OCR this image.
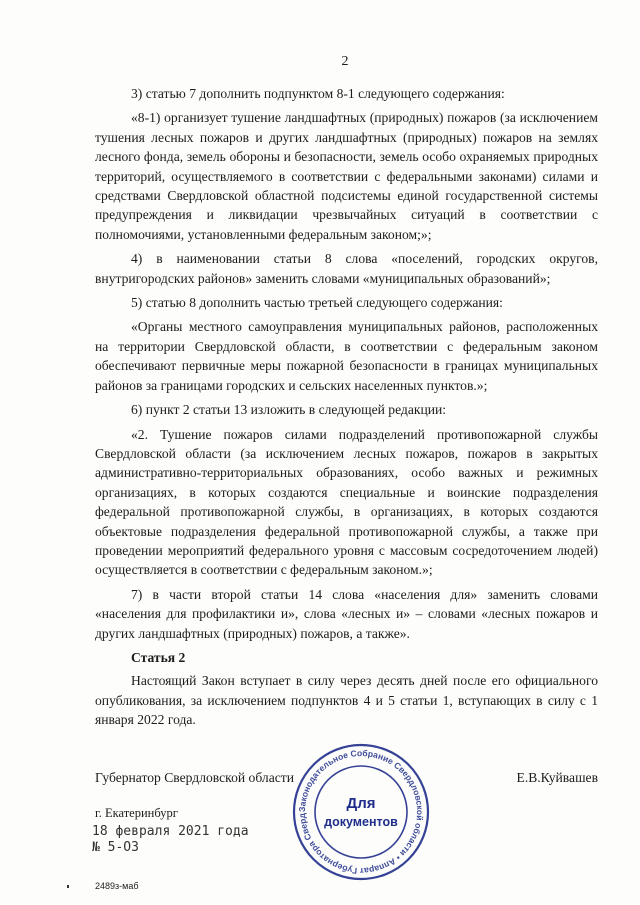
2

3) статью 7 дополнить подпунктом 8-1 следующего содержания:

«8-1) организует тушение ландшафтных (природных) пожаров (за исключением тушения лесных пожаров и других ландшафтных (природных) пожаров на землях лесного фонда, земель обороны и безопасности, земель особо охраняемых природных территорий, осуществляемого в соответствии с федеральными законами) силами и средствами Свердловской областной подсистемы единой государственной системы предупреждения и ликвидации чрезвычайных ситуаций в соответствии с полномочиями, установленными федеральным законом;»;

4) в наименовании статьи 8 слова «поселений, городских округов, внутригородских районов» заменить словами «муниципальных образований»;

5) статью 8 дополнить частью третьей следующего содержания:

«Органы местного самоуправления муниципальных районов, расположенных на территории Свердловской области, в соответствии с федеральным законом обеспечивают первичные меры пожарной безопасности в границах муниципальных районов за границами городских и сельских населенных пунктов.»;

6) пункт 2 статьи 13 изложить в следующей редакции:

«2. Тушение пожаров силами подразделений противопожарной службы Свердловской области (за исключением лесных пожаров, пожаров в закрытых административно-территориальных образованиях, особо важных и режимных организациях, в которых создаются специальные и воинские подразделения федеральной противопожарной службы, в организациях, в которых создаются объектовые подразделения федеральной противопожарной службы, а также при проведении мероприятий федерального уровня с массовым сосредоточением людей) осуществляется в соответствии с федеральным законом.»;

7) в части второй статьи 14 слова «населения для» заменить словами «населения для профилактики и», слова «лесных и» – словами «лесных пожаров и других ландшафтных (природных) пожаров, а также».

Статья 2

Настоящий Закон вступает в силу через десять дней после его официального опубликования, за исключением подпунктов 4 и 5 статьи 1, вступающих в силу с 1 января 2022 года.

Губернатор Свердловской области	Е.В.Куйвашев
г. Екатеринбург
18 февраля 2021 года
№ 5-ОЗ
2489з-маб
Законодательное Собрание Свердловской области • Аппарат Губернатора Сверд
Для
документов
